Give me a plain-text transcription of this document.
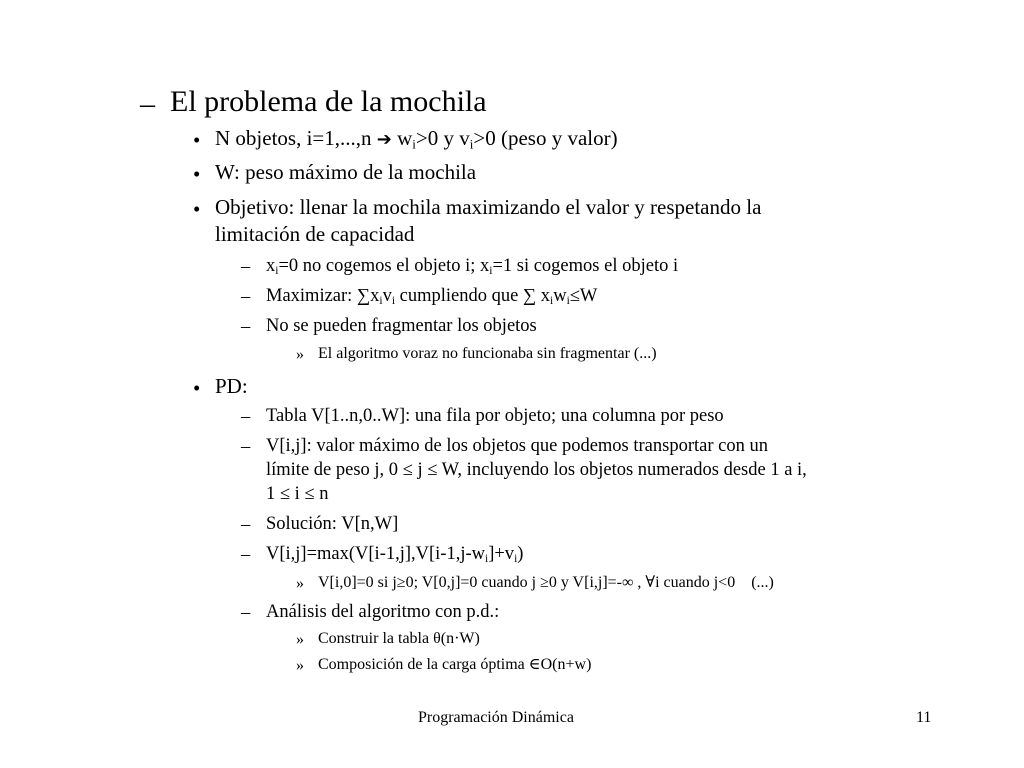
– El problema de la mochila
• N objetos, i=1,...,n ➔ $w_i>0$ y $v_i>0$ (peso y valor)
• W: peso máximo de la mochila
• Objetivo: llenar la mochila maximizando el valor y respetando la
limitación de capacidad
– $x_i=0$ no cogemos el objeto i; $x_i=1$ si cogemos el objeto i
– Maximizar: $\sum x_iv_i$ cumpliendo que ∑ $x_iw_i\le W$
– No se pueden fragmentar los objetos
» El algoritmo voraz no funcionaba sin fragmentar (...)
• PD:
– Tabla V[1..n,0..W]: una fila por objeto; una columna por peso
– V[i,j]: valor máximo de los objetos que podemos transportar con un
límite de peso j, 0 ≤ j ≤ W, incluyendo los objetos numerados desde 1 a i,
1 ≤ i ≤ n
– Solución: V[n,W]
– $V[i,j]=\max(V[i-1,j],V[i-1,j-w_i]+v_i)$
» V[i,0]=0 si j≥0; V[0,j]=0 cuando j ≥0 y V[i,j]=-∞ , ∀i cuando j<0    (...)
– Análisis del algoritmo con p.d.:
» Construir la tabla θ(n·W)
» Composición de la carga óptima ∈O(n+w)
Programación Dinámica	11
